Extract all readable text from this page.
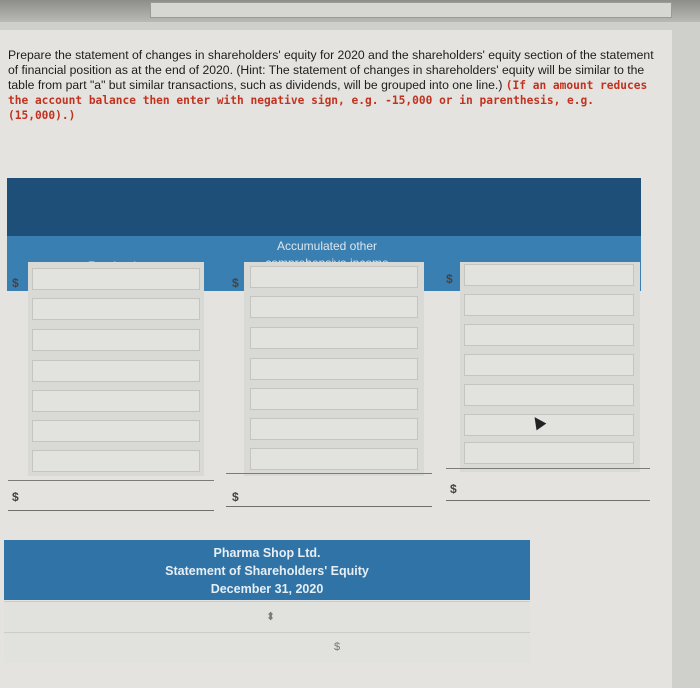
Prepare the statement of changes in shareholders' equity for 2020 and the shareholders' equity section of the statement of financial position as at the end of 2020. (Hint: The statement of changes in shareholders' equity will be similar to the table from part "a" but similar transactions, such as dividends, will be grouped into one line.) (If an amount reduces the account balance then enter with negative sign, e.g. -15,000 or in parenthesis, e.g. (15,000).)
Accumulated other
$
$
$
$
$
$
Pharma Shop Ltd.
Statement of Shareholders' Equity
December 31, 2020
⬍
$
